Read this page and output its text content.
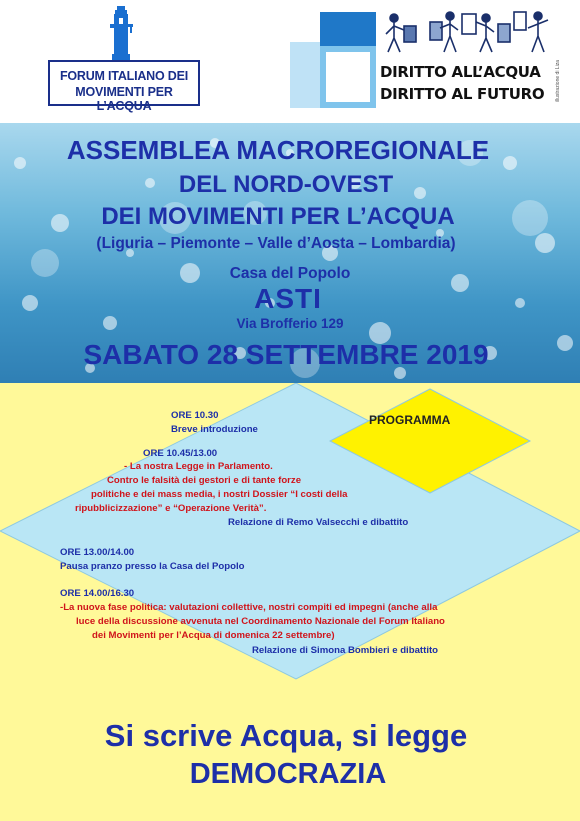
FORUM ITALIANO DEI
MOVIMENTI PER L’ACQUA
DIRITTO ALL’ACQUA
DIRITTO AL FUTURO illustrazione di Liza
ASSEMBLEA MACROREGIONALE
DEL NORD-OVEST
DEI MOVIMENTI PER L’ACQUA
(Liguria – Piemonte – Valle d’Aosta – Lombardia)
Casa del Popolo
ASTI
Via Brofferio 129
SABATO 28 SETTEMBRE 2019
PROGRAMMA
ORE 10.30
Breve introduzione
ORE 10.45/13.00
- La nostra Legge in Parlamento.
Contro le falsità dei gestori e di tante forze
politiche e dei mass media, i nostri Dossier “I costi della
ripubblicizzazione” e “Operazione Verità”.
Relazione di Remo Valsecchi e dibattito
ORE 13.00/14.00
Pausa pranzo presso la Casa del Popolo
ORE 14.00/16.30
-La nuova fase politica: valutazioni collettive, nostri compiti ed impegni (anche alla
luce della discussione avvenuta nel Coordinamento Nazionale del Forum Italiano
dei Movimenti per l’Acqua di domenica 22 settembre)
Relazione di Simona Bombieri e dibattito
Si scrive Acqua, si legge
DEMOCRAZIA
